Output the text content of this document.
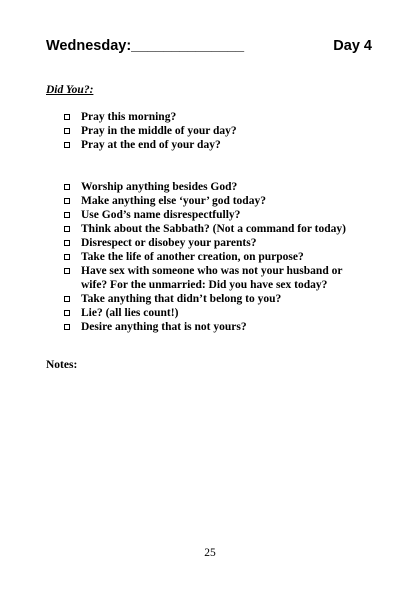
Wednesday:______________	Day 4
Did You?:
Pray this morning?
Pray in the middle of your day?
Pray at the end of your day?
Worship anything besides God?
Make anything else ‘your’ god today?
Use God’s name disrespectfully?
Think about the Sabbath? (Not a command for today)
Disrespect or disobey your parents?
Take the life of another creation, on purpose?
Have sex with someone who was not your husband or
wife? For the unmarried: Did you have sex today?
Take anything that didn’t belong to you?
Lie? (all lies count!)
Desire anything that is not yours?
Notes:
25
